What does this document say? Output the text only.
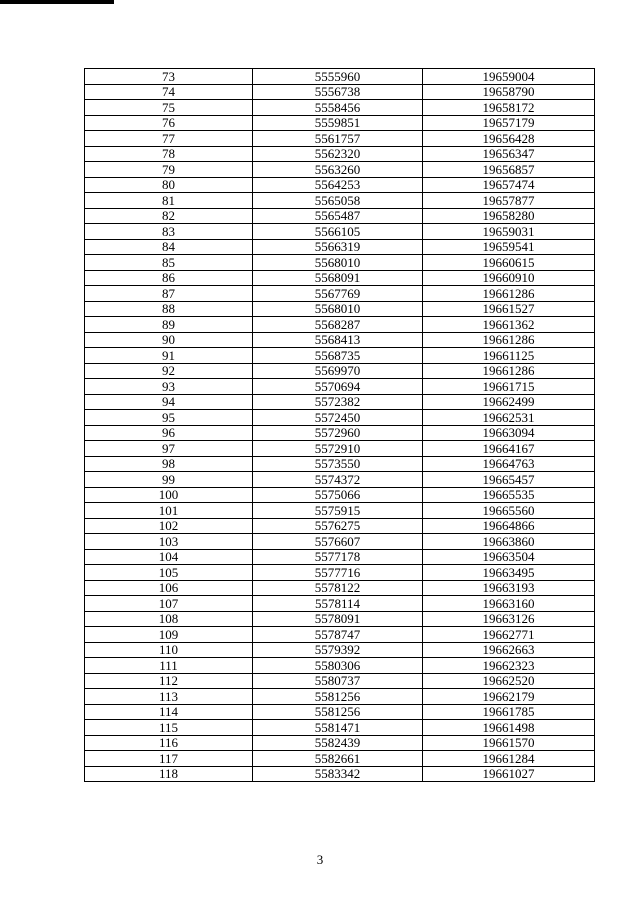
73	5555960	19659004
74	5556738	19658790
75	5558456	19658172
76	5559851	19657179
77	5561757	19656428
78	5562320	19656347
79	5563260	19656857
80	5564253	19657474
81	5565058	19657877
82	5565487	19658280
83	5566105	19659031
84	5566319	19659541
85	5568010	19660615
86	5568091	19660910
87	5567769	19661286
88	5568010	19661527
89	5568287	19661362
90	5568413	19661286
91	5568735	19661125
92	5569970	19661286
93	5570694	19661715
94	5572382	19662499
95	5572450	19662531
96	5572960	19663094
97	5572910	19664167
98	5573550	19664763
99	5574372	19665457
100	5575066	19665535
101	5575915	19665560
102	5576275	19664866
103	5576607	19663860
104	5577178	19663504
105	5577716	19663495
106	5578122	19663193
107	5578114	19663160
108	5578091	19663126
109	5578747	19662771
110	5579392	19662663
111	5580306	19662323
112	5580737	19662520
113	5581256	19662179
114	5581256	19661785
115	5581471	19661498
116	5582439	19661570
117	5582661	19661284
118	5583342	19661027
3
